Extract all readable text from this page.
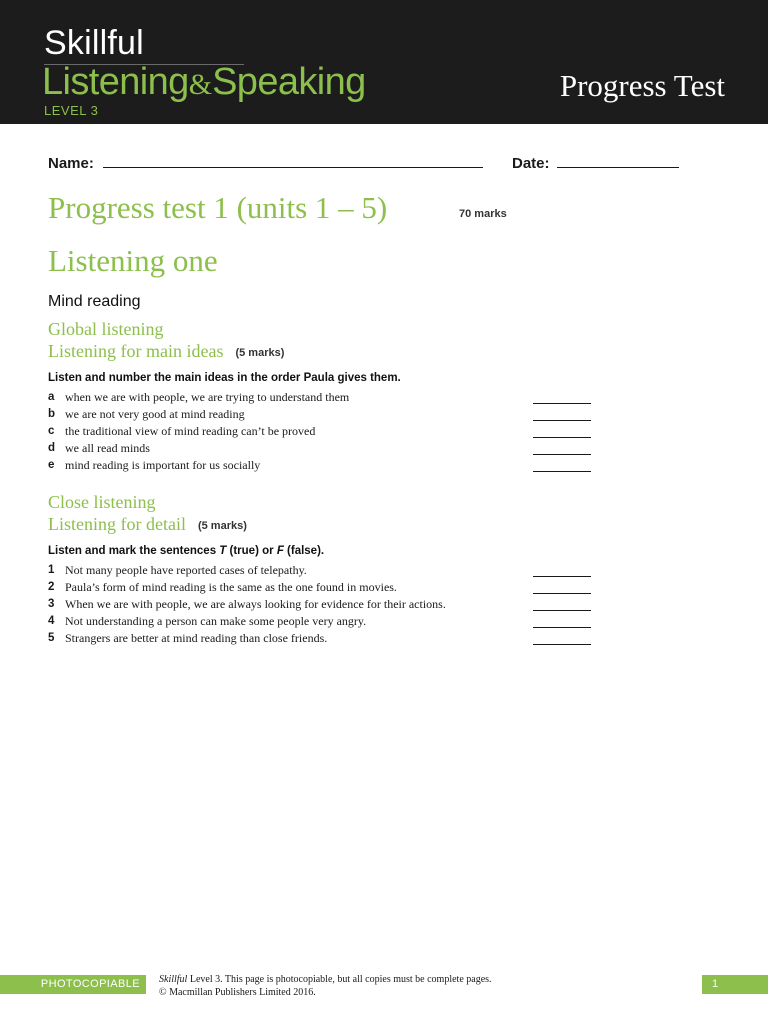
Skillful
Listening&Speaking
LEVEL 3
Progress Test
Name:	Date:
Progress test 1 (units 1 – 5)	70 marks
Listening one
Mind reading
Global listening
Listening for main ideas (5 marks)
Listen and number the main ideas in the order Paula gives them.
a when we are with people, we are trying to understand them
b we are not very good at mind reading
c the traditional view of mind reading can’t be proved
d we all read minds
e mind reading is important for us socially
Close listening
Listening for detail (5 marks)
Listen and mark the sentences T (true) or F (false).
1 Not many people have reported cases of telepathy.
2 Paula’s form of mind reading is the same as the one found in movies.
3 When we are with people, we are always looking for evidence for their actions.
4 Not understanding a person can make some people very angry.
5 Strangers are better at mind reading than close friends.
PHOTOCOPIABLE	Skillful Level 3. This page is photocopiable, but all copies must be complete pages.
© Macmillan Publishers Limited 2016.
1
